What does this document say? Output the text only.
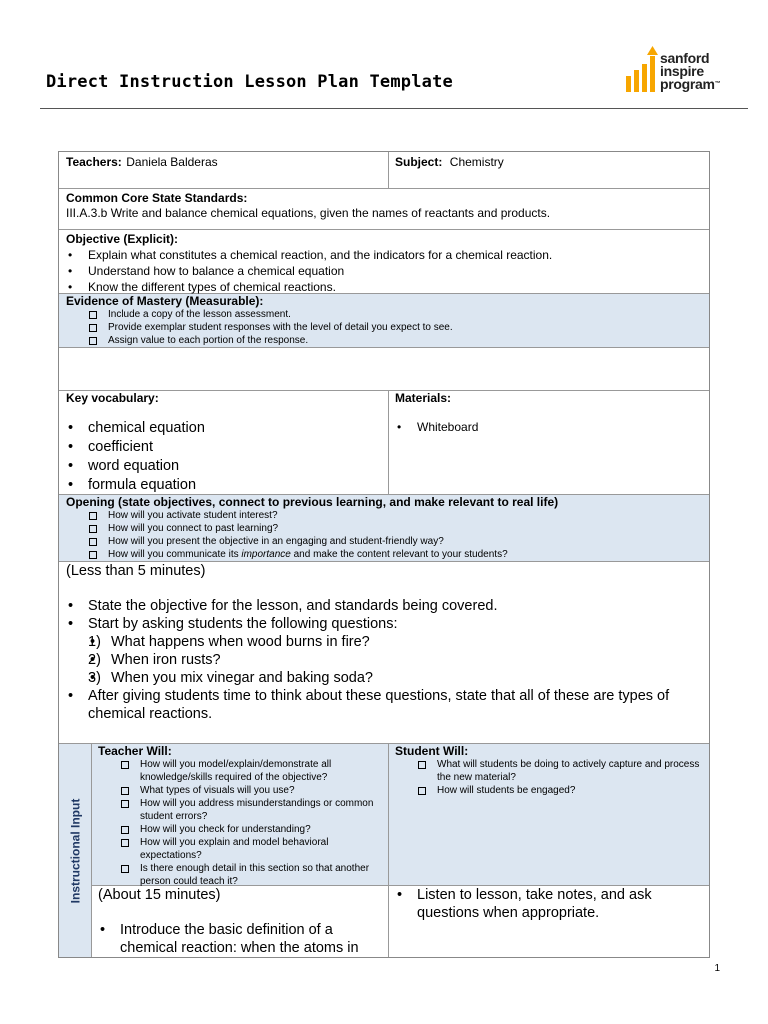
Direct Instruction Lesson Plan Template
sanford
inspire
program™
Teachers: Daniela Balderas	Subject: Chemistry
Common Core State Standards:
III.A.3.b Write and balance chemical equations, given the names of reactants and products.
Objective (Explicit):
• Explain what constitutes a chemical reaction, and the indicators for a chemical reaction.
• Understand how to balance a chemical equation
• Know the different types of chemical reactions.
Evidence of Mastery (Measurable):
Include a copy of the lesson assessment.
Provide exemplar student responses with the level of detail you expect to see.
Assign value to each portion of the response.
Key vocabulary:
• chemical equation
• coefficient
• word equation
• formula equation
Materials:
• Whiteboard
Opening (state objectives, connect to previous learning, and make relevant to real life)
How will you activate student interest?
How will you connect to past learning?
How will you present the objective in an engaging and student-friendly way?
How will you communicate its importance and make the content relevant to your students?
(Less than 5 minutes)
• State the objective for the lesson, and standards being covered.
• Start by asking students the following questions:
• 1) What happens when wood burns in fire?
• 2) When iron rusts?
• 3) When you mix vinegar and baking soda?
• After giving students time to think about these questions, state that all of these are types of chemical reactions.
Instructional Input
Teacher Will:
How will you model/explain/demonstrate all knowledge/skills required of the objective?
What types of visuals will you use?
How will you address misunderstandings or common student errors?
How will you check for understanding?
How will you explain and model behavioral expectations?
Is there enough detail in this section so that another person could teach it?
Student Will:
What will students be doing to actively capture and process the new material?
How will students be engaged?
(About 15 minutes)
• Introduce the basic definition of a chemical reaction: when the atoms in
• Listen to lesson, take notes, and ask questions when appropriate.
1
